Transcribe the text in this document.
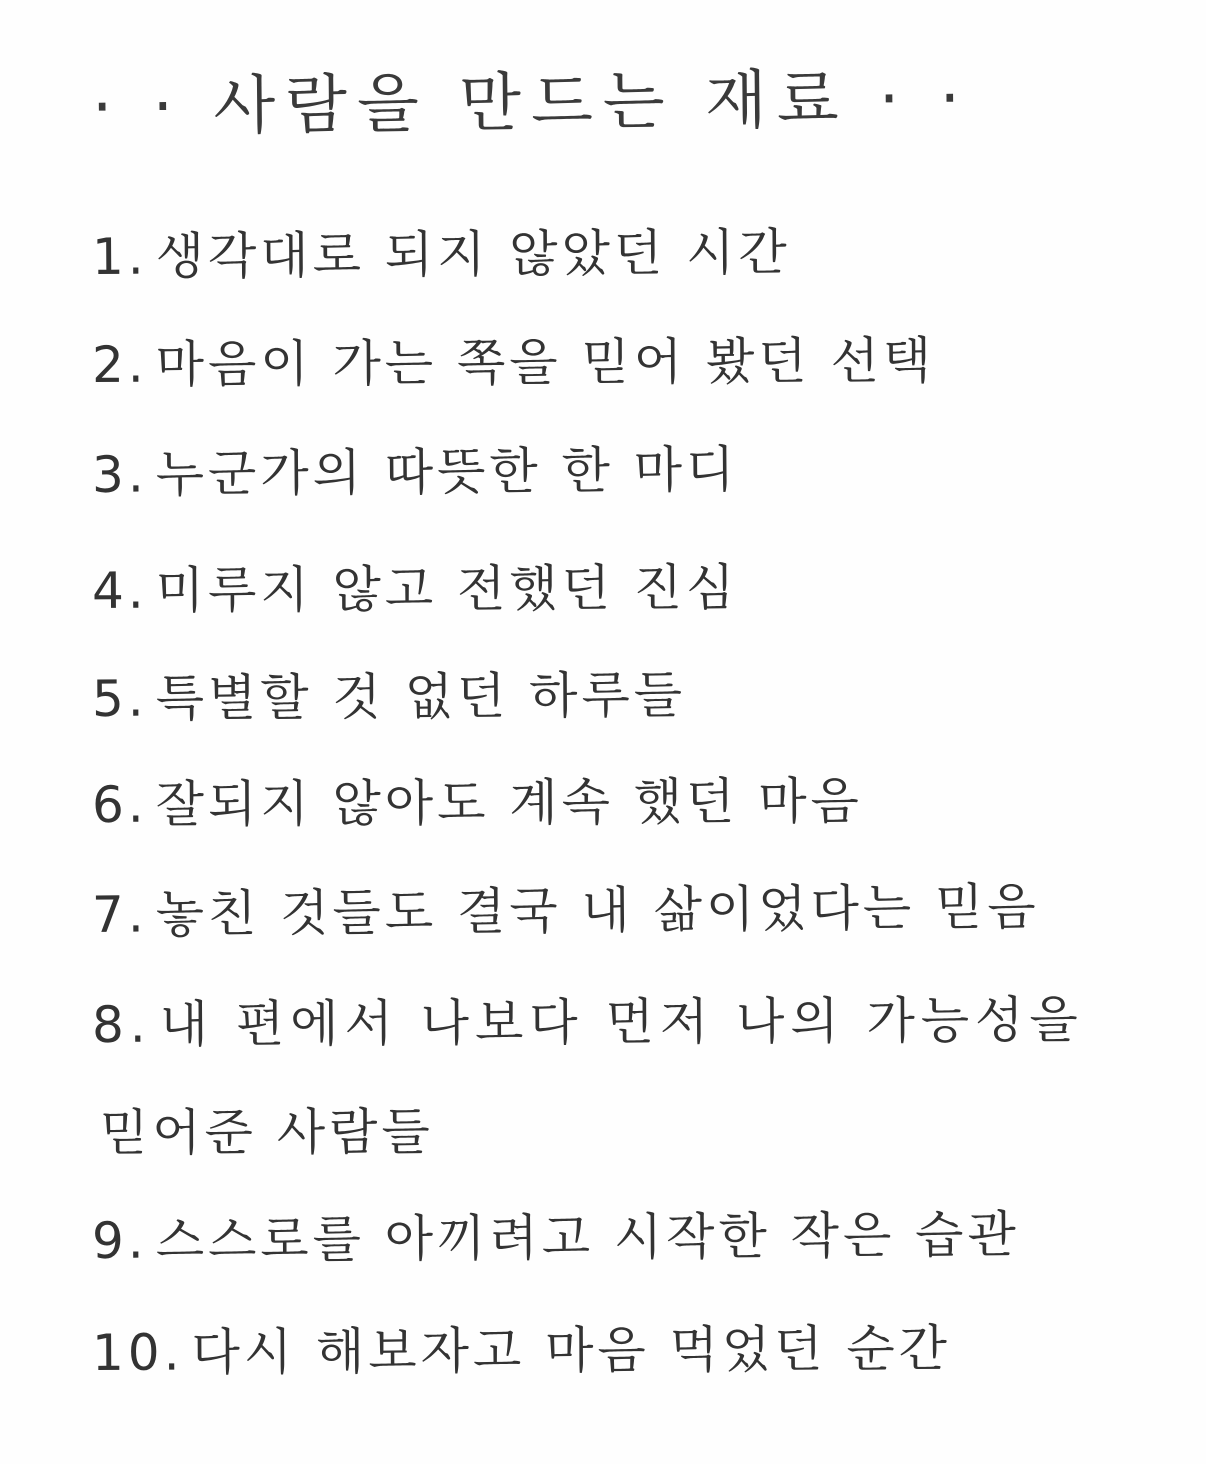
· · 사람을 만드는 재료 · ·
1. 생각대로 되지 않았던 시간
2. 마음이 가는 쪽을 믿어 봤던 선택
3. 누군가의 따뜻한 한 마디
4. 미루지 않고 전했던 진심
5. 특별할 것 없던 하루들
6. 잘되지 않아도 계속 했던 마음
7. 놓친 것들도 결국 내 삶이었다는 믿음
8. 내 편에서 나보다 먼저 나의 가능성을
믿어준 사람들
9. 스스로를 아끼려고 시작한 작은 습관
10. 다시 해보자고 마음 먹었던 순간
